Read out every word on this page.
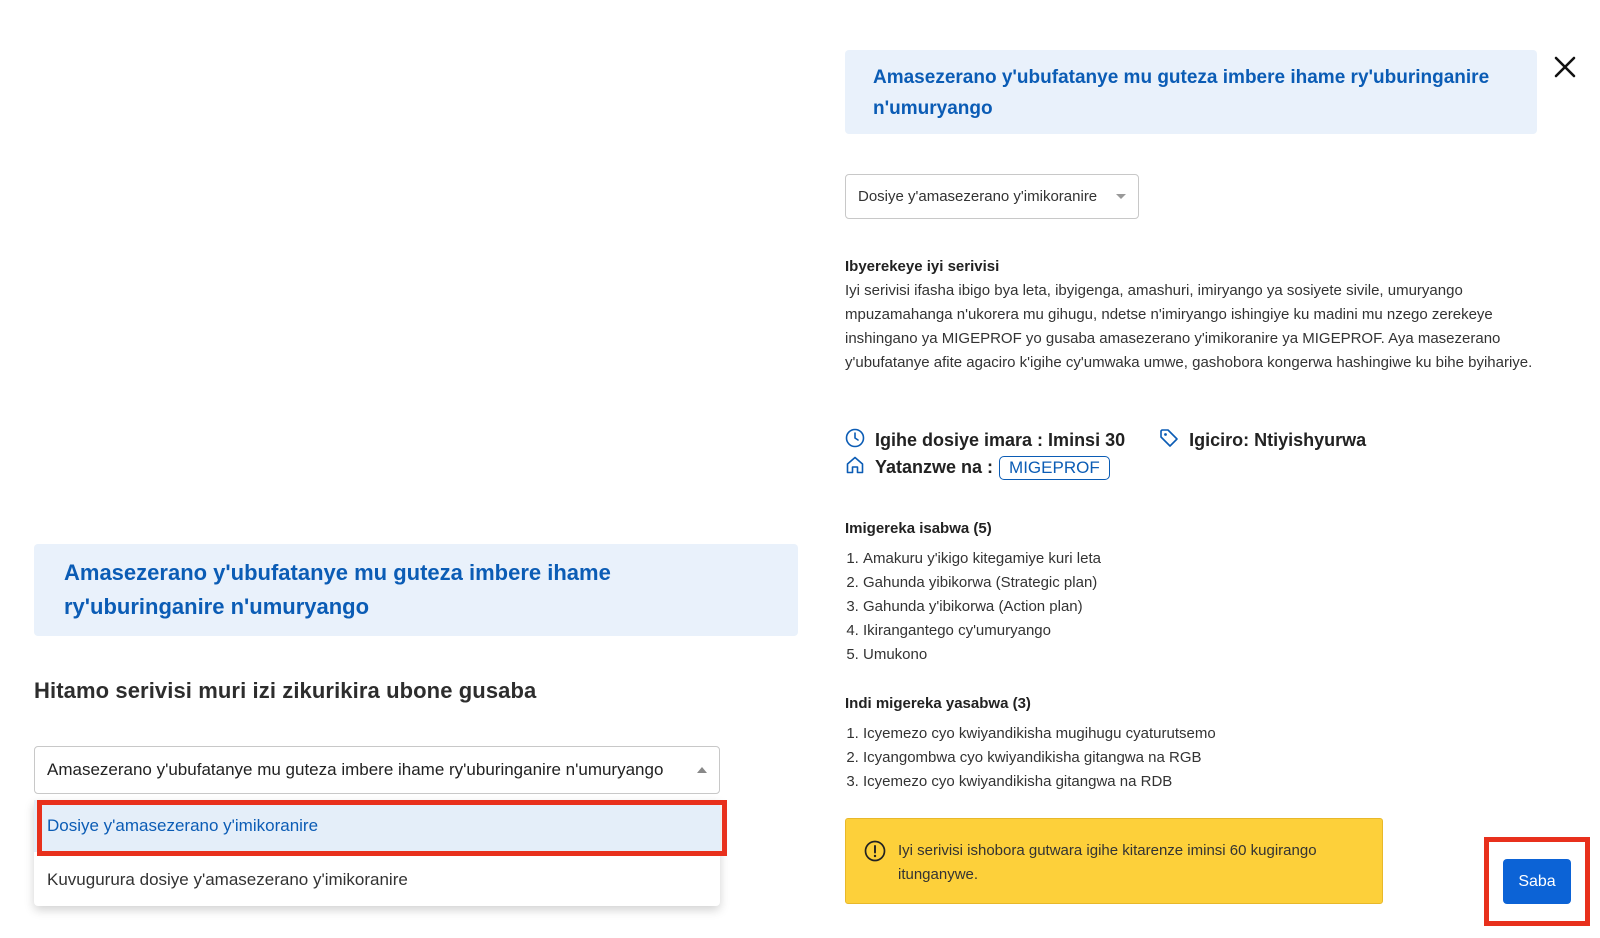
Amasezerano y'ubufatanye mu guteza imbere ihame ry'uburinganire n'umuryango
Hitamo serivisi muri izi zikurikira ubone gusaba
Amasezerano y'ubufatanye mu guteza imbere ihame ry'uburinganire n'umuryango
Dosiye y'amasezerano y'imikoranire
Kuvugurura dosiye y'amasezerano y'imikoranire
Amasezerano y'ubufatanye mu guteza imbere ihame ry'uburinganire n'umuryango
Dosiye y'amasezerano y'imikoranire
Ibyerekeye iyi serivisi
Iyi serivisi ifasha ibigo bya leta, ibyigenga, amashuri, imiryango ya sosiyete sivile, umuryango mpuzamahanga n'ukorera mu gihugu, ndetse n'imiryango ishingiye ku madini mu nzego zerekeye inshingano ya MIGEPROF yo gusaba amasezerano y'imikoranire ya MIGEPROF. Aya masezerano y'ubufatanye afite agaciro k'igihe cy'umwaka umwe, gashobora kongerwa hashingiwe ku bihe byihariye.
Igihe dosiye imara : Iminsi 30	Igiciro: Ntiyishyurwa
Yatanzwe na : MIGEPROF
Imigereka isabwa (5)
1. Amakuru y'ikigo kitegamiye kuri leta
2. Gahunda yibikorwa (Strategic plan)
3. Gahunda y'ibikorwa (Action plan)
4. Ikirangantego cy'umuryango
5. Umukono
Indi migereka yasabwa (3)
1. Icyemezo cyo kwiyandikisha mugihugu cyaturutsemo
2. Icyangombwa cyo kwiyandikisha gitangwa na RGB
3. Icyemezo cyo kwiyandikisha gitangwa na RDB
Iyi serivisi ishobora gutwara igihe kitarenze iminsi 60 kugirango itunganywe.	Saba
